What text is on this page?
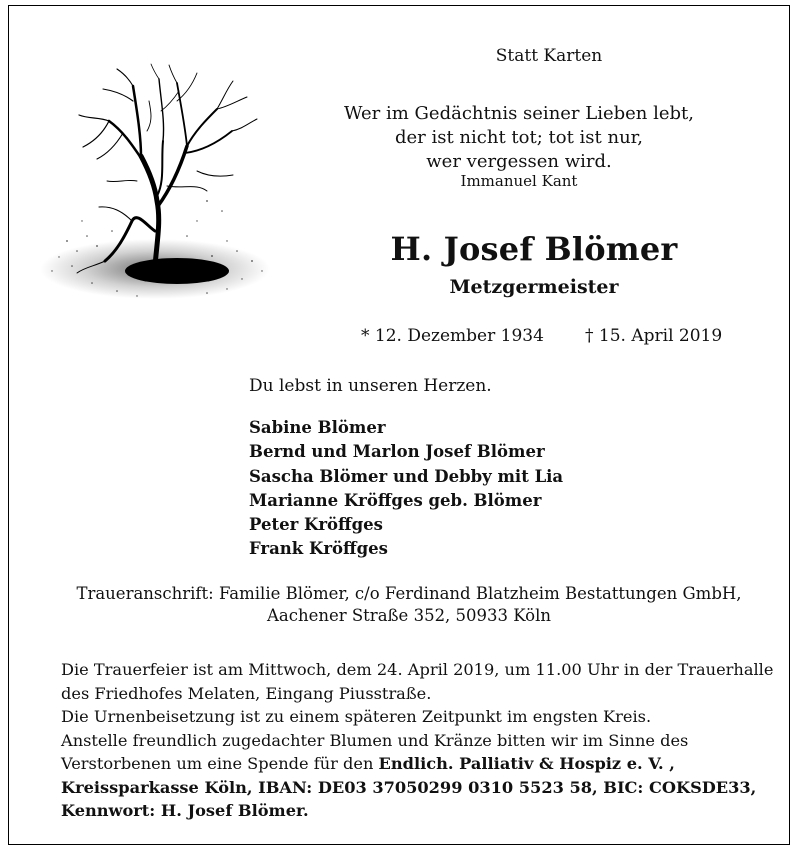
Statt Karten
Wer im Gedächtnis seiner Lieben lebt,
der ist nicht tot; tot ist nur,
wer vergessen wird.
Immanuel Kant
H. Josef Blömer
Metzgermeister
* 12. Dezember 1934 † 15. April 2019
Du lebst in unseren Herzen.
Sabine Blömer
Bernd und Marlon Josef Blömer
Sascha Blömer und Debby mit Lia
Marianne Kröffges geb. Blömer
Peter Kröffges
Frank Kröffges
Traueranschrift: Familie Blömer, c/o Ferdinand Blatzheim Bestattungen GmbH,
Aachener Straße 352, 50933 Köln
Die Trauerfeier ist am Mittwoch, dem 24. April 2019, um 11.00 Uhr in der Trauerhalle
des Friedhofes Melaten, Eingang Piusstraße.
Die Urnenbeisetzung ist zu einem späteren Zeitpunkt im engsten Kreis.
Anstelle freundlich zugedachter Blumen und Kränze bitten wir im Sinne des
Verstorbenen um eine Spende für den Endlich. Palliativ & Hospiz e. V. ,
Kreissparkasse Köln, IBAN: DE03 37050299 0310 5523 58, BIC: COKSDE33,
Kennwort: H. Josef Blömer.
